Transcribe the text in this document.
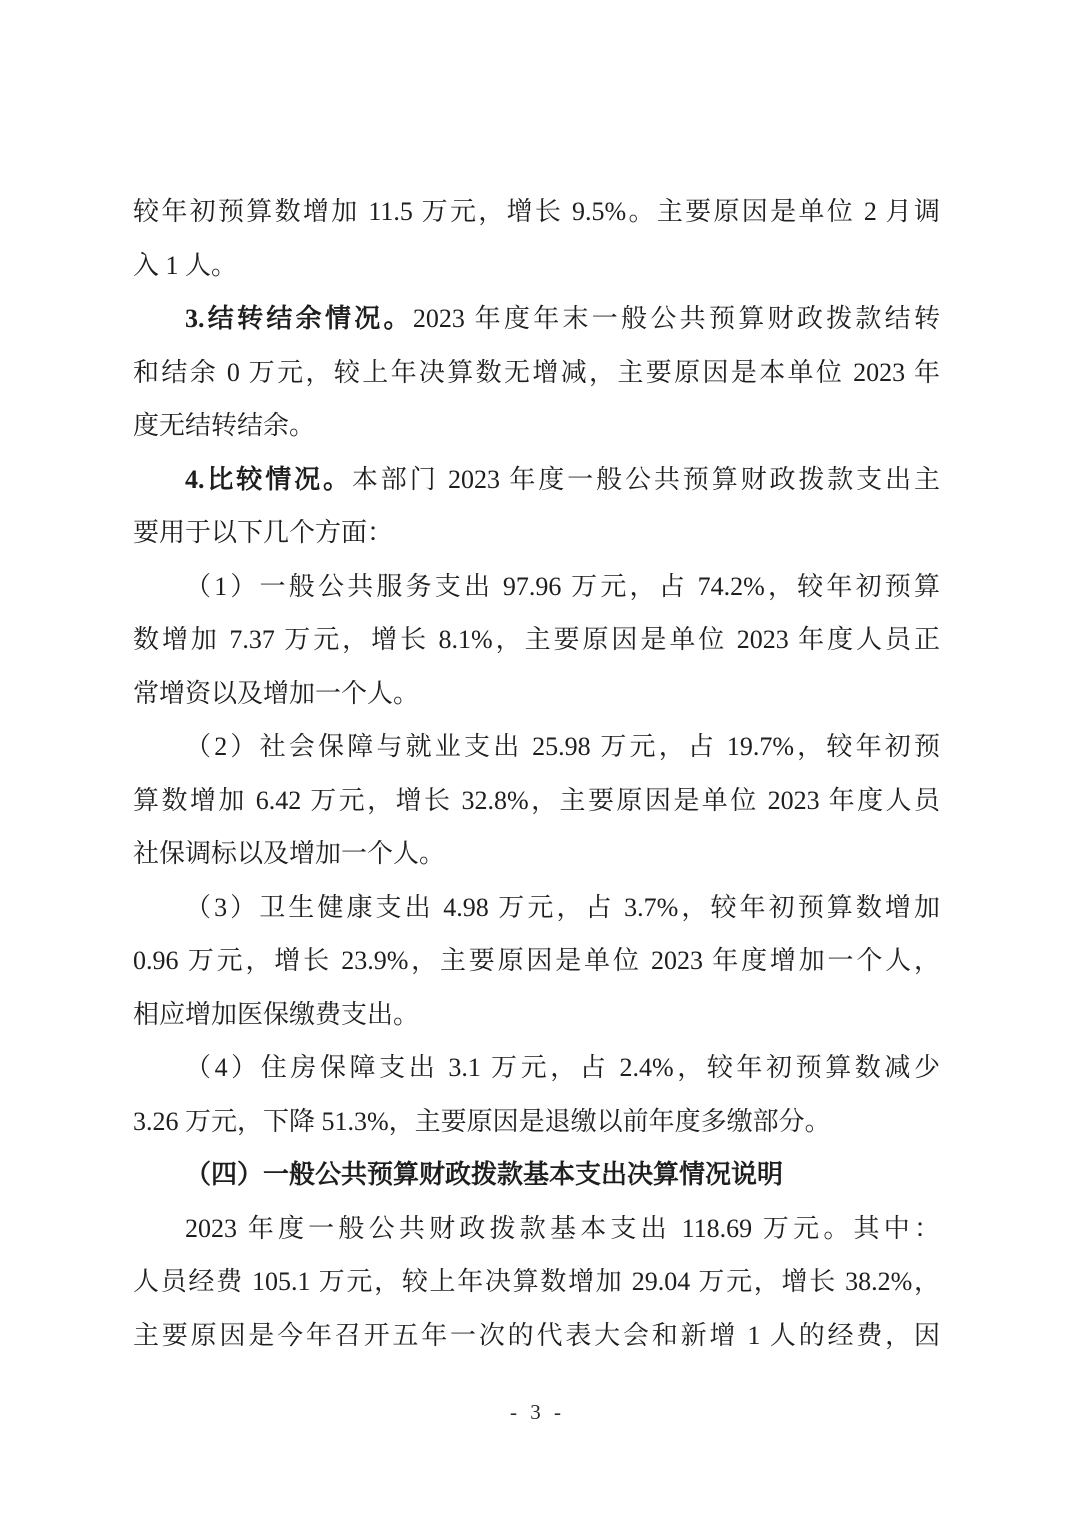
较年初预算数增加 11.5 万元，增长 9.5%。主要原因是单位 2 月调
入 1 人。
3.结转结余情况。2023 年度年末一般公共预算财政拨款结转
和结余 0 万元，较上年决算数无增减，主要原因是本单位 2023 年
度无结转结余。
4.比较情况。本部门 2023 年度一般公共预算财政拨款支出主
要用于以下几个方面：
（1）一般公共服务支出 97.96 万元，占 74.2%，较年初预算
数增加 7.37 万元，增长 8.1%，主要原因是单位 2023 年度人员正
常增资以及增加一个人。
（2）社会保障与就业支出 25.98 万元，占 19.7%，较年初预
算数增加 6.42 万元，增长 32.8%，主要原因是单位 2023 年度人员
社保调标以及增加一个人。
（3）卫生健康支出 4.98 万元，占 3.7%，较年初预算数增加
0.96 万元，增长 23.9%，主要原因是单位 2023 年度增加一个人，
相应增加医保缴费支出。
（4）住房保障支出 3.1 万元，占 2.4%，较年初预算数减少
3.26 万元，下降 51.3%，主要原因是退缴以前年度多缴部分。
（四）一般公共预算财政拨款基本支出决算情况说明
2023 年度一般公共财政拨款基本支出 118.69 万元。其中：
人员经费 105.1 万元，较上年决算数增加 29.04 万元，增长 38.2%，
主要原因是今年召开五年一次的代表大会和新增 1 人的经费，因
- 3 -
